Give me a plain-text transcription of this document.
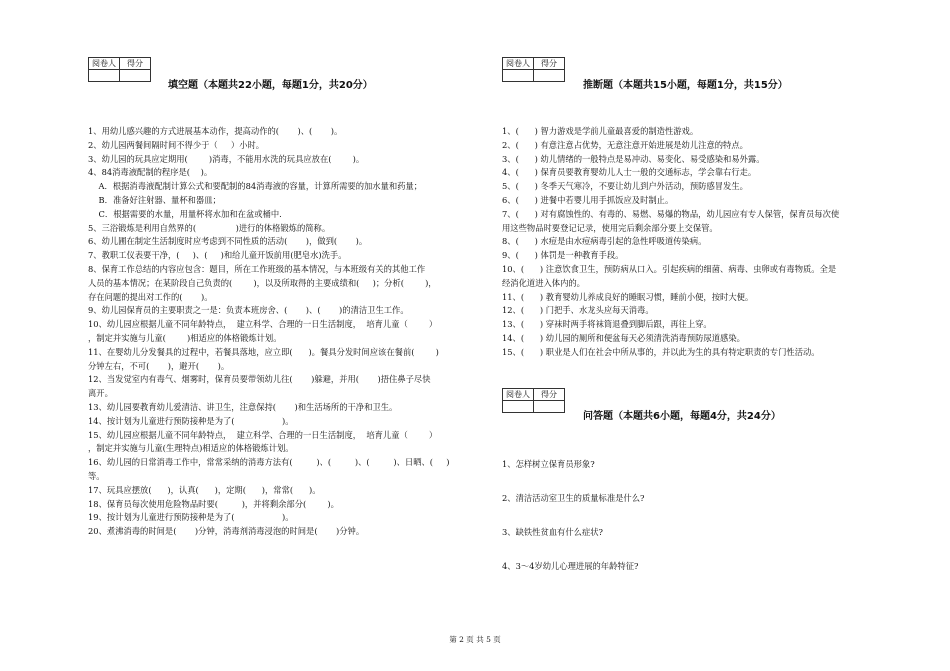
阅卷人	得分

填空题（本题共22小题，每题1分，共20分）

1、用幼儿感兴趣的方式进展基本动作，提高动作的(       )、(       )。

2、幼儿园两餐间隔时间不得少于（     ）小时。

3、幼儿园的玩具应定期用(        )消毒，不能用水洗的玩具应放在(        )。

4、84消毒液配制的程序是(    )。

A．根据消毒液配制计算公式和要配制的84消毒液的容量，计算所需要的加水量和药量；

B．准备好注射器、量杯和器皿；

C．根据需要的水量，用量杯将水加和在盆或桶中.

5、三浴锻炼是利用自然界的(               )进行的体格锻炼的简称。

6、幼儿圃在制定生活制度时应考虑到不同性质的活动(       )，做到(       )。

7、教职工仪表要干净，(     )、(     )和给儿童开饭前用(肥皂水)洗手。

8、保育工作总结的内容应包含：题目，所在工作班级的基本情况，与本班级有关的其他工作

人员的基本情况；在某阶段自己负责的(        )，以及所取得的主要成绩和(     )；分析(        )，

存在问题的提出对工作的(       )。

9、幼儿园保育员的主要职责之一是：负责本班房舍、(       )、(       )的清洁卫生工作。

10、幼儿园应根据儿童不同年龄特点，  建立科学、合理的一日生活制度，  培育儿童（        ）

，制定并实施与儿童(        )相适应的体格锻炼计划。

11、在婴幼儿分发餐具的过程中，若餐具落地，应立即(      )。餐具分发时间应该在餐前(        )

分钟左右，不可(       )，避开(       )。

12、当发觉室内有毒气、烟雾时，保育员要带领幼儿往(       )躲避，并用(       )捂住鼻子尽快

离开。

13、幼儿园要教育幼儿爱清洁、讲卫生，注意保持(       )和生活场所的干净和卫生。

14、按计划为儿童进行预防接种是为了(                  )。

15、幼儿园应根据儿童不同年龄特点，  建立科学、合理的一日生活制度，  培育儿童（        ）

，制定并实施与儿童(生理特点)相适应的体格锻炼计划。

16、幼儿园的日常消毒工作中，常常采纳的消毒方法有(         )、(         )、(         )、日晒、(     )

等。

17、玩具应摆放(      )，认真(      )，定期(      )，常常(      )。

18、保育员每次使用危险物品时要(         )，并将剩余部分(        )。

19、按计划为儿童进行预防接种是为了(                  )。

20、煮沸消毒的时间是(       )分钟，消毒剂消毒浸泡的时间是(       )分钟。

阅卷人	得分

推断题（本题共15小题，每题1分，共15分）

1、(      ) 智力游戏是学前儿童最喜爱的制造性游戏。

2、(      ) 有意注意占优势，无意注意开始进展是幼儿注意的特点。

3、(      ) 幼儿情绪的一般特点是易冲动、易变化、易受感染和易外露。

4、(      ) 保育员要教育婴幼儿人士一般的交通标志，学会靠右行走。

5、(      ) 冬季天气寒冷，不要让幼儿到户外活动，预防感冒发生。

6、(      ) 进餐中若婴儿用手抓饭应及时制止。

7、(      ) 对有腐蚀性的、有毒的、易燃、易爆的物品，幼儿园应有专人保管，保育员每次使

用这些物品时要登记记录，使用完后剩余部分要上交保管。

8、(      ) 水痘是由水痘病毒引起的急性呼吸道传染病。

9、(      ) 体罚是一种教育手段。

10、(      ) 注意饮食卫生，预防病从口入。引起疾病的细菌、病毒、虫卵或有毒物质。全是

经消化道进入体内的。

11、(      ) 教育婴幼儿养成良好的睡眠习惯，睡前小便，按时大便。

12、(      ) 门把手、水龙头应每天消毒。

13、(      ) 穿袜时两手将袜筒退叠到脚后跟，再往上穿。

14、(      ) 幼儿园的厕所和便盆每天必须清洗消毒预防尿道感染。

15、(      ) 职业是人们在社会中所从事的，并以此为生的具有特定职责的专门性活动。

阅卷人	得分

问答题（本题共6小题，每题4分，共24分）

1、怎样树立保育员形象?

2、清洁活动室卫生的质量标准是什么?

3、缺铁性贫血有什么症状?

4、3～4岁幼儿心理进展的年龄特征?

第 2 页 共 5 页
